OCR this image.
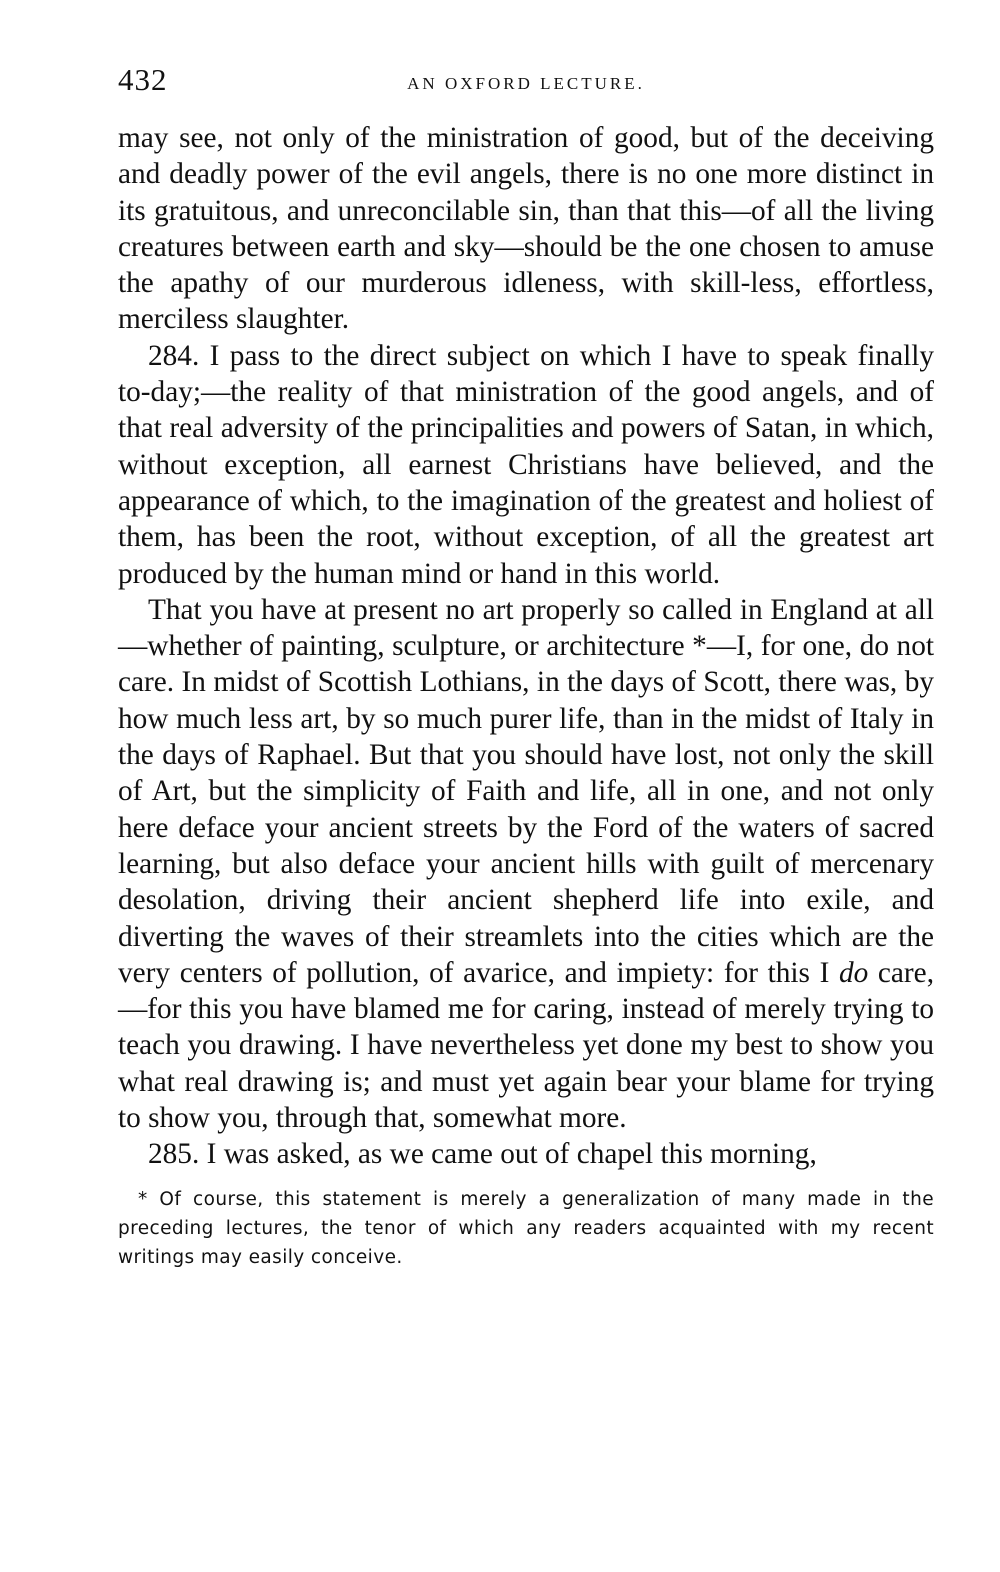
432	AN OXFORD LECTURE.

may see, not only of the ministration of good, but of the deceiving and deadly power of the evil angels, there is no one more distinct in its gratuitous, and unreconcilable sin, than that this—of all the living creatures between earth and sky—should be the one chosen to amuse the apathy of our murderous idleness, with skill-less, effortless, merciless slaughter.

284. I pass to the direct subject on which I have to speak finally to-day;—the reality of that ministration of the good angels, and of that real adversity of the principalities and powers of Satan, in which, without exception, all earnest Christians have believed, and the appearance of which, to the imagination of the greatest and holiest of them, has been the root, without exception, of all the greatest art produced by the human mind or hand in this world.

That you have at present no art properly so called in England at all—whether of painting, sculpture, or architecture *—I, for one, do not care. In midst of Scottish Lothians, in the days of Scott, there was, by how much less art, by so much purer life, than in the midst of Italy in the days of Raphael. But that you should have lost, not only the skill of Art, but the simplicity of Faith and life, all in one, and not only here deface your ancient streets by the Ford of the waters of sacred learning, but also deface your ancient hills with guilt of mercenary desolation, driving their ancient shepherd life into exile, and diverting the waves of their streamlets into the cities which are the very centers of pollution, of avarice, and impiety: for this I do care,—for this you have blamed me for caring, instead of merely trying to teach you drawing. I have nevertheless yet done my best to show you what real drawing is; and must yet again bear your blame for trying to show you, through that, somewhat more.

285. I was asked, as we came out of chapel this morning,

* Of course, this statement is merely a generalization of many made in the preceding lectures, the tenor of which any readers acquainted with my recent writings may easily conceive.
